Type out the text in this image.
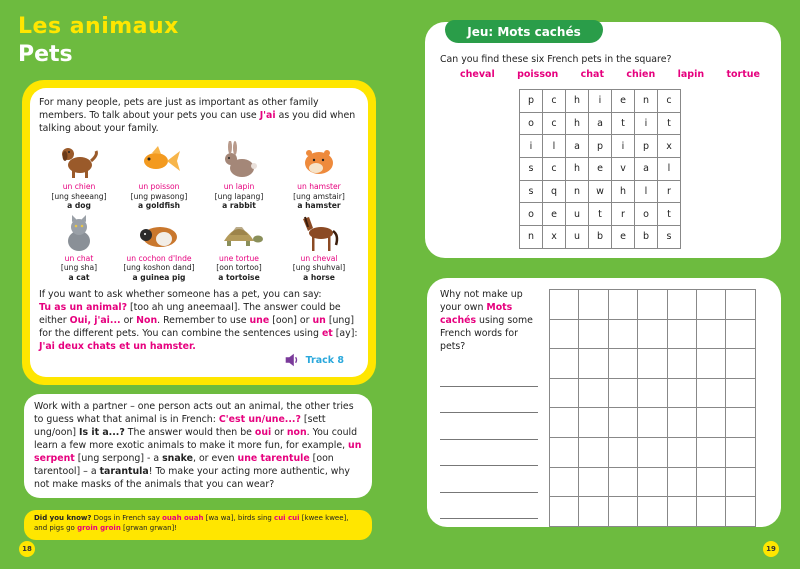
Les animaux
Pets
For many people, pets are just as important as other family members. To talk about your pets you can use J'ai as you did when talking about your family.
un chien
[ung sheeang]
a dog
un poisson
[ung pwasong]
a goldfish
un lapin
[ung lapang]
a rabbit
un hamster
[ung amstair]
a hamster
un chat
[ung sha]
a cat
un cochon d'Inde
[ung koshon dand]
a guinea pig
une tortue
[oon tortoo]
a tortoise
un cheval
[ung shuhval]
a horse
If you want to ask whether someone has a pet, you can say:
Tu as un animal? [too ah ung aneemaal]. The answer could be either Oui, j'ai... or Non. Remember to use une [oon] or un [ung] for the different pets. You can combine the sentences using et [ay]: J'ai deux chats et un hamster.
Track 8
Work with a partner – one person acts out an animal, the other tries to guess what that animal is in French: C'est un/une...? [sett ung/oon] Is it a...? The answer would then be oui or non. You could learn a few more exotic animals to make it more fun, for example, un serpent [ung serpong] - a snake, or even une tarentule [oon tarentool] – a tarantula! To make your acting more authentic, why not make masks of the animals that you can wear?
Did you know? Dogs in French say ouah ouah [wa wa], birds sing cui cui [kwee kwee], and pigs go groin groin [grwan grwan]!
18	19
Jeu: Mots cachés
Can you find these six French pets in the square?
cheval poisson chat chien lapin tortue
p	c	h	i	e	n	c
o	c	h	a	t	i	t
i	l	a	p	i	p	x
s	c	h	e	v	a	l
s	q	n	w	h	l	r
o	e	u	t	r	o	t
n	x	u	b	e	b	s
Why not make up your own Mots cachés using some French words for pets?
